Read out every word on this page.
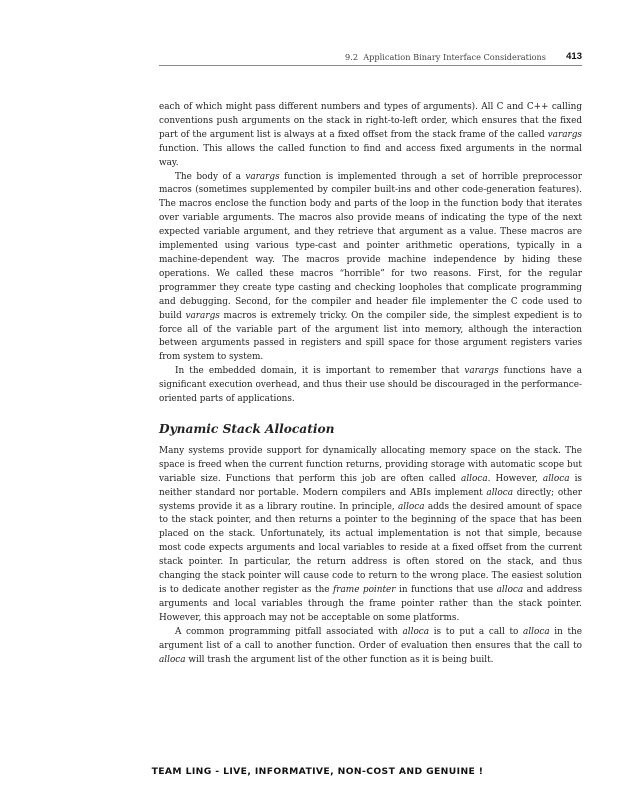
9.2 Application Binary Interface Considerations 413

each of which might pass different numbers and types of arguments). All C and C++ calling conventions push arguments on the stack in right-to-left order, which ensures that the fixed part of the argument list is always at a fixed offset from the stack frame of the called varargs function. This allows the called function to find and access fixed arguments in the normal way.

The body of a varargs function is implemented through a set of horrible preprocessor macros (sometimes supplemented by compiler built-ins and other code-generation features). The macros enclose the function body and parts of the loop in the function body that iterates over variable arguments. The macros also provide means of indicating the type of the next expected variable argument, and they retrieve that argument as a value. These macros are implemented using various type-cast and pointer arithmetic operations, typically in a machine-dependent way. The macros provide machine independence by hiding these operations. We called these macros “horrible” for two reasons. First, for the regular programmer they create type casting and checking loopholes that complicate programming and debugging. Second, for the compiler and header file implementer the C code used to build varargs macros is extremely tricky. On the compiler side, the simplest expedient is to force all of the variable part of the argument list into memory, although the interaction between arguments passed in registers and spill space for those argument registers varies from system to system.

In the embedded domain, it is important to remember that varargs functions have a significant execution overhead, and thus their use should be discouraged in the performance-oriented parts of applications.

Dynamic Stack Allocation

Many systems provide support for dynamically allocating memory space on the stack. The space is freed when the current function returns, providing storage with automatic scope but variable size. Functions that perform this job are often called alloca. However, alloca is neither standard nor portable. Modern compilers and ABIs implement alloca directly; other systems provide it as a library routine. In principle, alloca adds the desired amount of space to the stack pointer, and then returns a pointer to the beginning of the space that has been placed on the stack. Unfortunately, its actual implementation is not that simple, because most code expects arguments and local variables to reside at a fixed offset from the current stack pointer. In particular, the return address is often stored on the stack, and thus changing the stack pointer will cause code to return to the wrong place. The easiest solution is to dedicate another register as the frame pointer in functions that use alloca and address arguments and local variables through the frame pointer rather than the stack pointer. However, this approach may not be acceptable on some platforms.

A common programming pitfall associated with alloca is to put a call to alloca in the argument list of a call to another function. Order of evaluation then ensures that the call to alloca will trash the argument list of the other function as it is being built.

TEAM LING - LIVE, INFORMATIVE, NON-COST AND GENUINE !
